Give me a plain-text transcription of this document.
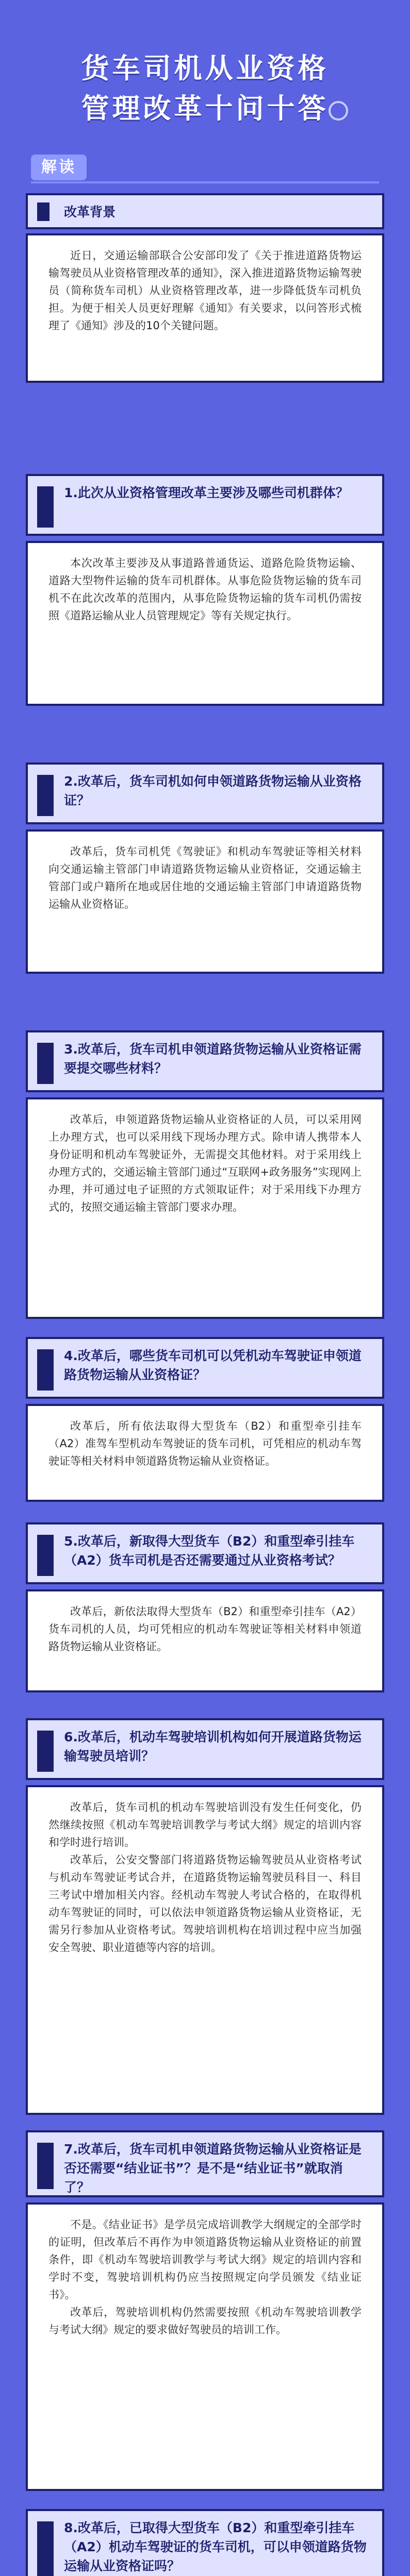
货车司机从业资格
管理改革十问十答
解读
改革背景

近日，交通运输部联合公安部印发了《关于推进道路货物运输驾驶员从业资格管理改革的通知》，深入推进道路货物运输驾驶员（简称货车司机）从业资格管理改革，进一步降低货车司机负担。为便于相关人员更好理解《通知》有关要求，以问答形式梳理了《通知》涉及的10个关键问题。

1.此次从业资格管理改革主要涉及哪些司机群体？

本次改革主要涉及从事道路普通货运、道路危险货物运输、道路大型物件运输的货车司机群体。从事危险货物运输的货车司机不在此次改革的范围内，从事危险货物运输的货车司机仍需按照《道路运输从业人员管理规定》等有关规定执行。

2.改革后，货车司机如何申领道路货物运输从业资格证？

改革后，货车司机凭《驾驶证》和机动车驾驶证等相关材料向交通运输主管部门申请道路货物运输从业资格证，交通运输主管部门或户籍所在地或居住地的交通运输主管部门申请道路货物运输从业资格证。

3.改革后，货车司机申领道路货物运输从业资格证需要提交哪些材料？

改革后，申领道路货物运输从业资格证的人员，可以采用网上办理方式，也可以采用线下现场办理方式。除申请人携带本人身份证明和机动车驾驶证外，无需提交其他材料。对于采用线上办理方式的，交通运输主管部门通过“互联网+政务服务”实现网上办理，并可通过电子证照的方式领取证件；对于采用线下办理方式的，按照交通运输主管部门要求办理。

4.改革后，哪些货车司机可以凭机动车驾驶证申领道路货物运输从业资格证？

改革后，所有依法取得大型货车（B2）和重型牵引挂车（A2）准驾车型机动车驾驶证的货车司机，可凭相应的机动车驾驶证等相关材料申领道路货物运输从业资格证。

5.改革后，新取得大型货车（B2）和重型牵引挂车（A2）货车司机是否还需要通过从业资格考试？

改革后，新依法取得大型货车（B2）和重型牵引挂车（A2）货车司机的人员，均可凭相应的机动车驾驶证等相关材料申领道路货物运输从业资格证。

6.改革后，机动车驾驶培训机构如何开展道路货物运输驾驶员培训？

改革后，货车司机的机动车驾驶培训没有发生任何变化，仍然继续按照《机动车驾驶培训教学与考试大纲》规定的培训内容和学时进行培训。

改革后，公安交警部门将道路货物运输驾驶员从业资格考试与机动车驾驶证考试合并，在道路货物运输驾驶员科目一、科目三考试中增加相关内容。经机动车驾驶人考试合格的，在取得机动车驾驶证的同时，可以依法申领道路货物运输从业资格证，无需另行参加从业资格考试。驾驶培训机构在培训过程中应当加强安全驾驶、职业道德等内容的培训。

7.改革后，货车司机申领道路货物运输从业资格证是否还需要“结业证书”？是不是“结业证书”就取消了？

不是。《结业证书》是学员完成培训教学大纲规定的全部学时的证明，但改革后不再作为申领道路货物运输从业资格证的前置条件，即《机动车驾驶培训教学与考试大纲》规定的培训内容和学时不变，驾驶培训机构仍应当按照规定向学员颁发《结业证书》。

改革后，驾驶培训机构仍然需要按照《机动车驾驶培训教学与考试大纲》规定的要求做好驾驶员的培训工作。

8.改革后，已取得大型货车（B2）和重型牵引挂车（A2）机动车驾驶证的货车司机，可以申领道路货物运输从业资格证吗？
